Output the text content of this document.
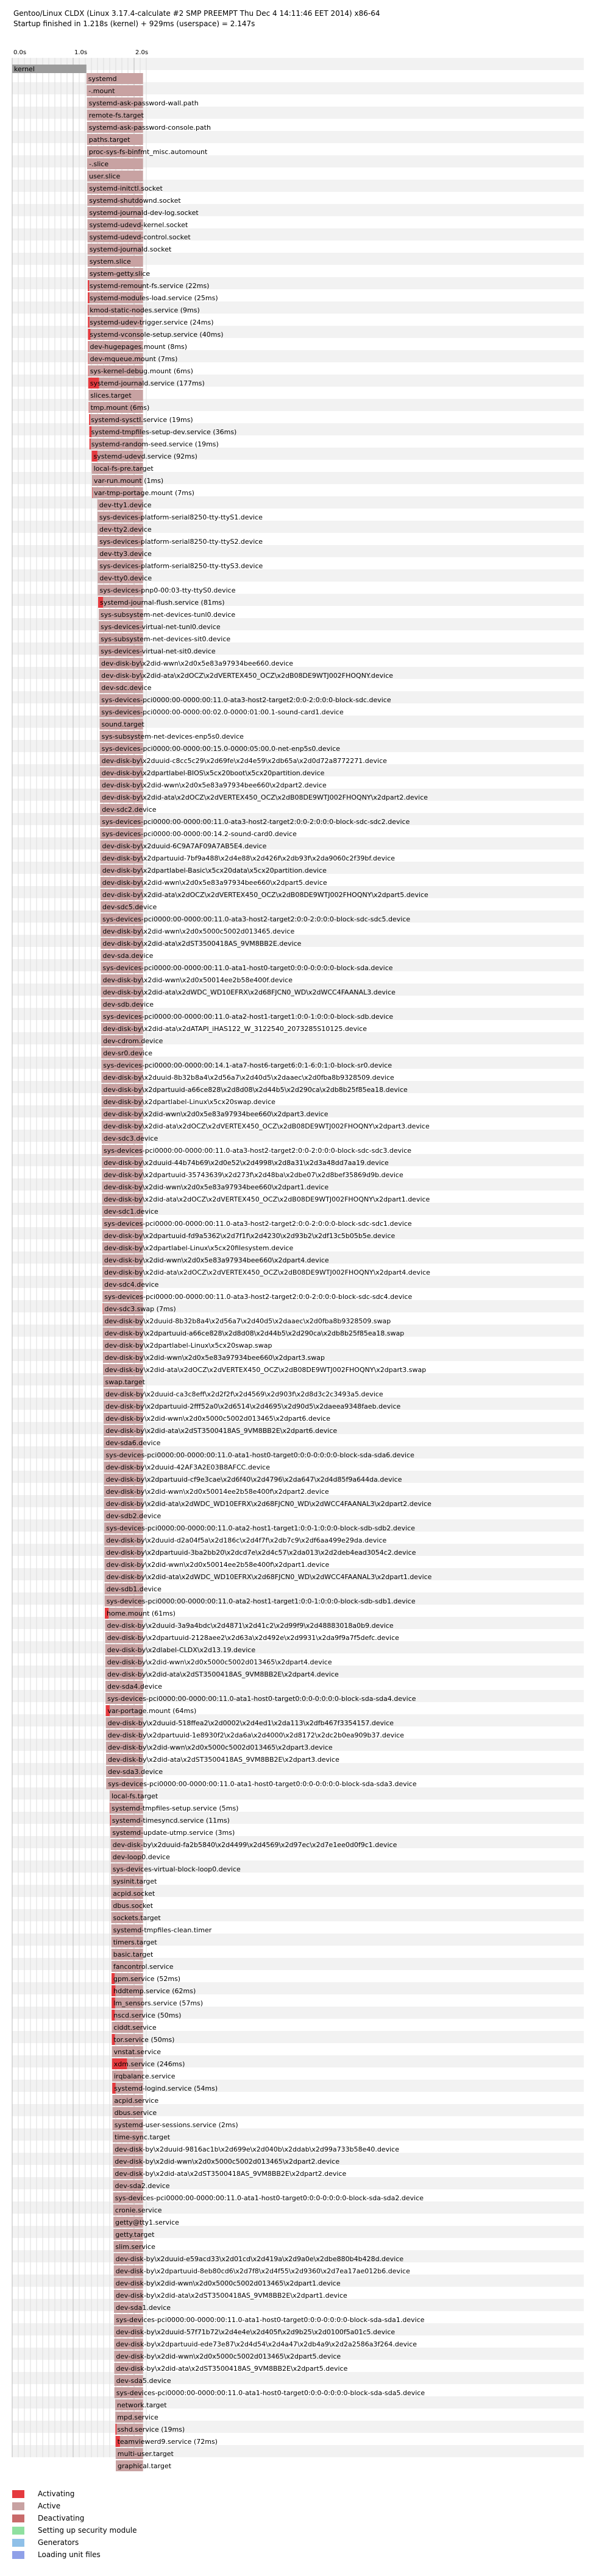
Gentoo/Linux CLDX (Linux 3.17.4-calculate #2 SMP PREEMPT Thu Dec 4 14:11:46 EET 2014) x86-64
Startup finished in 1.218s (kernel) + 929ms (userspace) = 2.147s
0.0s	1.0s	2.0s
kernel
systemd
-.mount
systemd-ask-password-wall.path
remote-fs.target
systemd-ask-password-console.path
paths.target
proc-sys-fs-binfmt_misc.automount
-.slice
user.slice
systemd-initctl.socket
systemd-shutdownd.socket
systemd-journald-dev-log.socket
systemd-udevd-kernel.socket
systemd-udevd-control.socket
systemd-journald.socket
system.slice
system-getty.slice
systemd-remount-fs.service (22ms)
systemd-modules-load.service (25ms)
kmod-static-nodes.service (9ms)
systemd-udev-trigger.service (24ms)
systemd-vconsole-setup.service (40ms)
dev-hugepages.mount (8ms)
dev-mqueue.mount (7ms)
sys-kernel-debug.mount (6ms)
systemd-journald.service (177ms)
slices.target
tmp.mount (6ms)
systemd-sysctl.service (19ms)
systemd-tmpfiles-setup-dev.service (36ms)
systemd-random-seed.service (19ms)
systemd-udevd.service (92ms)
local-fs-pre.target
var-run.mount (1ms)
var-tmp-portage.mount (7ms)
dev-tty1.device
sys-devices-platform-serial8250-tty-ttyS1.device
dev-tty2.device
sys-devices-platform-serial8250-tty-ttyS2.device
dev-tty3.device
sys-devices-platform-serial8250-tty-ttyS3.device
dev-tty0.device
sys-devices-pnp0-00:03-tty-ttyS0.device
systemd-journal-flush.service (81ms)
sys-subsystem-net-devices-tunl0.device
sys-devices-virtual-net-tunl0.device
sys-subsystem-net-devices-sit0.device
sys-devices-virtual-net-sit0.device
dev-disk-by\x2did-wwn\x2d0x5e83a97934bee660.device
dev-disk-by\x2did-ata\x2dOCZ\x2dVERTEX450_OCZ\x2dB08DE9WTJ002FHOQNY.device
dev-sdc.device
sys-devices-pci0000:00-0000:00:11.0-ata3-host2-target2:0:0-2:0:0:0-block-sdc.device
sys-devices-pci0000:00-0000:00:02.0-0000:01:00.1-sound-card1.device
sound.target
sys-subsystem-net-devices-enp5s0.device
sys-devices-pci0000:00-0000:00:15.0-0000:05:00.0-net-enp5s0.device
dev-disk-by\x2duuid-c8cc5c29\x2d69fe\x2d4e59\x2db65a\x2d0d72a8772271.device
dev-disk-by\x2dpartlabel-BIOS\x5cx20boot\x5cx20partition.device
dev-disk-by\x2did-wwn\x2d0x5e83a97934bee660\x2dpart2.device
dev-disk-by\x2did-ata\x2dOCZ\x2dVERTEX450_OCZ\x2dB08DE9WTJ002FHOQNY\x2dpart2.device
dev-sdc2.device
sys-devices-pci0000:00-0000:00:11.0-ata3-host2-target2:0:0-2:0:0:0-block-sdc-sdc2.device
sys-devices-pci0000:00-0000:00:14.2-sound-card0.device
dev-disk-by\x2duuid-6C9A7AF09A7AB5E4.device
dev-disk-by\x2dpartuuid-7bf9a488\x2d4e88\x2d426f\x2db93f\x2da9060c2f39bf.device
dev-disk-by\x2dpartlabel-Basic\x5cx20data\x5cx20partition.device
dev-disk-by\x2did-wwn\x2d0x5e83a97934bee660\x2dpart5.device
dev-disk-by\x2did-ata\x2dOCZ\x2dVERTEX450_OCZ\x2dB08DE9WTJ002FHOQNY\x2dpart5.device
dev-sdc5.device
sys-devices-pci0000:00-0000:00:11.0-ata3-host2-target2:0:0-2:0:0:0-block-sdc-sdc5.device
dev-disk-by\x2did-wwn\x2d0x5000c5002d013465.device
dev-disk-by\x2did-ata\x2dST3500418AS_9VM8BB2E.device
dev-sda.device
sys-devices-pci0000:00-0000:00:11.0-ata1-host0-target0:0:0-0:0:0:0-block-sda.device
dev-disk-by\x2did-wwn\x2d0x50014ee2b58e400f.device
dev-disk-by\x2did-ata\x2dWDC_WD10EFRX\x2d68FJCN0_WD\x2dWCC4FAANAL3.device
dev-sdb.device
sys-devices-pci0000:00-0000:00:11.0-ata2-host1-target1:0:0-1:0:0:0-block-sdb.device
dev-disk-by\x2did-ata\x2dATAPI_iHAS122_W_3122540_2073285S10125.device
dev-cdrom.device
dev-sr0.device
sys-devices-pci0000:00-0000:00:14.1-ata7-host6-target6:0:1-6:0:1:0-block-sr0.device
dev-disk-by\x2duuid-8b32b8a4\x2d56a7\x2d40d5\x2daaec\x2d0fba8b9328509.device
dev-disk-by\x2dpartuuid-a66ce828\x2d8d08\x2d44b5\x2d290ca\x2db8b25f85ea18.device
dev-disk-by\x2dpartlabel-Linux\x5cx20swap.device
dev-disk-by\x2did-wwn\x2d0x5e83a97934bee660\x2dpart3.device
dev-disk-by\x2did-ata\x2dOCZ\x2dVERTEX450_OCZ\x2dB08DE9WTJ002FHOQNY\x2dpart3.device
dev-sdc3.device
sys-devices-pci0000:00-0000:00:11.0-ata3-host2-target2:0:0-2:0:0:0-block-sdc-sdc3.device
dev-disk-by\x2duuid-44b74b69\x2d0e52\x2d4998\x2d8a31\x2d3a48dd7aa19.device
dev-disk-by\x2dpartuuid-35743639\x2d273f\x2d48ba\x2dbe07\x2d8bef35869d9b.device
dev-disk-by\x2did-wwn\x2d0x5e83a97934bee660\x2dpart1.device
dev-disk-by\x2did-ata\x2dOCZ\x2dVERTEX450_OCZ\x2dB08DE9WTJ002FHOQNY\x2dpart1.device
dev-sdc1.device
sys-devices-pci0000:00-0000:00:11.0-ata3-host2-target2:0:0-2:0:0:0-block-sdc-sdc1.device
dev-disk-by\x2dpartuuid-fd9a5362\x2d7f1f\x2d4230\x2d93b2\x2df13c5b05b5e.device
dev-disk-by\x2dpartlabel-Linux\x5cx20filesystem.device
dev-disk-by\x2did-wwn\x2d0x5e83a97934bee660\x2dpart4.device
dev-disk-by\x2did-ata\x2dOCZ\x2dVERTEX450_OCZ\x2dB08DE9WTJ002FHOQNY\x2dpart4.device
dev-sdc4.device
sys-devices-pci0000:00-0000:00:11.0-ata3-host2-target2:0:0-2:0:0:0-block-sdc-sdc4.device
dev-sdc3.swap (7ms)
dev-disk-by\x2duuid-8b32b8a4\x2d56a7\x2d40d5\x2daaec\x2d0fba8b9328509.swap
dev-disk-by\x2dpartuuid-a66ce828\x2d8d08\x2d44b5\x2d290ca\x2db8b25f85ea18.swap
dev-disk-by\x2dpartlabel-Linux\x5cx20swap.swap
dev-disk-by\x2did-wwn\x2d0x5e83a97934bee660\x2dpart3.swap
dev-disk-by\x2did-ata\x2dOCZ\x2dVERTEX450_OCZ\x2dB08DE9WTJ002FHOQNY\x2dpart3.swap
swap.target
dev-disk-by\x2duuid-ca3c8eff\x2d2f2f\x2d4569\x2d903f\x2d8d3c2c3493a5.device
dev-disk-by\x2dpartuuid-2fff52a0\x2d6514\x2d4695\x2d90d5\x2daeea9348faeb.device
dev-disk-by\x2did-wwn\x2d0x5000c5002d013465\x2dpart6.device
dev-disk-by\x2did-ata\x2dST3500418AS_9VM8BB2E\x2dpart6.device
dev-sda6.device
sys-devices-pci0000:00-0000:00:11.0-ata1-host0-target0:0:0-0:0:0:0-block-sda-sda6.device
dev-disk-by\x2duuid-42AF3A2E03B8AFCC.device
dev-disk-by\x2dpartuuid-cf9e3cae\x2d6f40\x2d4796\x2da647\x2d4d85f9a644da.device
dev-disk-by\x2did-wwn\x2d0x50014ee2b58e400f\x2dpart2.device
dev-disk-by\x2did-ata\x2dWDC_WD10EFRX\x2d68FJCN0_WD\x2dWCC4FAANAL3\x2dpart2.device
dev-sdb2.device
sys-devices-pci0000:00-0000:00:11.0-ata2-host1-target1:0:0-1:0:0:0-block-sdb-sdb2.device
dev-disk-by\x2duuid-d2a04f5a\x2d186c\x2d4f7f\x2db7c9\x2df6aa499e29da.device
dev-disk-by\x2dpartuuid-3ba2bb20\x2dcd7e\x2d4c57\x2da013\x2d2deb4ead3054c2.device
dev-disk-by\x2did-wwn\x2d0x50014ee2b58e400f\x2dpart1.device
dev-disk-by\x2did-ata\x2dWDC_WD10EFRX\x2d68FJCN0_WD\x2dWCC4FAANAL3\x2dpart1.device
dev-sdb1.device
sys-devices-pci0000:00-0000:00:11.0-ata2-host1-target1:0:0-1:0:0:0-block-sdb-sdb1.device
home.mount (61ms)
dev-disk-by\x2duuid-3a9a4bdc\x2d4871\x2d41c2\x2d99f9\x2d48883018a0b9.device
dev-disk-by\x2dpartuuid-2128aee2\x2d63a\x2d492e\x2d9931\x2da9f9a7f5defc.device
dev-disk-by\x2dlabel-CLDX\x2d13.19.device
dev-disk-by\x2did-wwn\x2d0x5000c5002d013465\x2dpart4.device
dev-disk-by\x2did-ata\x2dST3500418AS_9VM8BB2E\x2dpart4.device
dev-sda4.device
sys-devices-pci0000:00-0000:00:11.0-ata1-host0-target0:0:0-0:0:0:0-block-sda-sda4.device
var-portage.mount (64ms)
dev-disk-by\x2duuid-518ffea2\x2d0002\x2d4ed1\x2da113\x2dfb467f3354157.device
dev-disk-by\x2dpartuuid-1e8930f2\x2da6a\x2d4000\x2d8172\x2dc2b0ea909b37.device
dev-disk-by\x2did-wwn\x2d0x5000c5002d013465\x2dpart3.device
dev-disk-by\x2did-ata\x2dST3500418AS_9VM8BB2E\x2dpart3.device
dev-sda3.device
sys-devices-pci0000:00-0000:00:11.0-ata1-host0-target0:0:0-0:0:0:0-block-sda-sda3.device
local-fs.target
systemd-tmpfiles-setup.service (5ms)
systemd-timesyncd.service (11ms)
systemd-update-utmp.service (3ms)
dev-disk-by\x2duuid-fa2b5840\x2d4499\x2d4569\x2d97ec\x2d7e1ee0d0f9c1.device
dev-loop0.device
sys-devices-virtual-block-loop0.device
sysinit.target
acpid.socket
dbus.socket
sockets.target
systemd-tmpfiles-clean.timer
timers.target
basic.target
fancontrol.service
gpm.service (52ms)
hddtemp.service (62ms)
lm_sensors.service (57ms)
nscd.service (50ms)
ciddt.service
tor.service (50ms)
vnstat.service
xdm.service (246ms)
irqbalance.service
systemd-logind.service (54ms)
acpid.service
dbus.service
systemd-user-sessions.service (2ms)
time-sync.target
dev-disk-by\x2duuid-9816ac1b\x2d699e\x2d040b\x2ddab\x2d99a733b58e40.device
dev-disk-by\x2did-wwn\x2d0x5000c5002d013465\x2dpart2.device
dev-disk-by\x2did-ata\x2dST3500418AS_9VM8BB2E\x2dpart2.device
dev-sda2.device
sys-devices-pci0000:00-0000:00:11.0-ata1-host0-target0:0:0-0:0:0:0-block-sda-sda2.device
cronie.service
getty@tty1.service
getty.target
slim.service
dev-disk-by\x2duuid-e59acd33\x2d01cd\x2d419a\x2d9a0e\x2dbe880b4b428d.device
dev-disk-by\x2dpartuuid-8eb80cd6\x2d7f8\x2d4f55\x2d9360\x2d7ea17ae012b6.device
dev-disk-by\x2did-wwn\x2d0x5000c5002d013465\x2dpart1.device
dev-disk-by\x2did-ata\x2dST3500418AS_9VM8BB2E\x2dpart1.device
dev-sda1.device
sys-devices-pci0000:00-0000:00:11.0-ata1-host0-target0:0:0-0:0:0:0-block-sda-sda1.device
dev-disk-by\x2duuid-57f71b72\x2d4e4e\x2d405f\x2d9b25\x2d0100f5a01c5.device
dev-disk-by\x2dpartuuid-ede73e87\x2d4d54\x2d4a47\x2db4a9\x2d2a2586a3f264.device
dev-disk-by\x2did-wwn\x2d0x5000c5002d013465\x2dpart5.device
dev-disk-by\x2did-ata\x2dST3500418AS_9VM8BB2E\x2dpart5.device
dev-sda5.device
sys-devices-pci0000:00-0000:00:11.0-ata1-host0-target0:0:0-0:0:0:0-block-sda-sda5.device
network.target
mpd.service
sshd.service (19ms)
teamviewerd9.service (72ms)
multi-user.target
graphical.target
Activating
Active
Deactivating
Setting up security module
Generators
Loading unit files
